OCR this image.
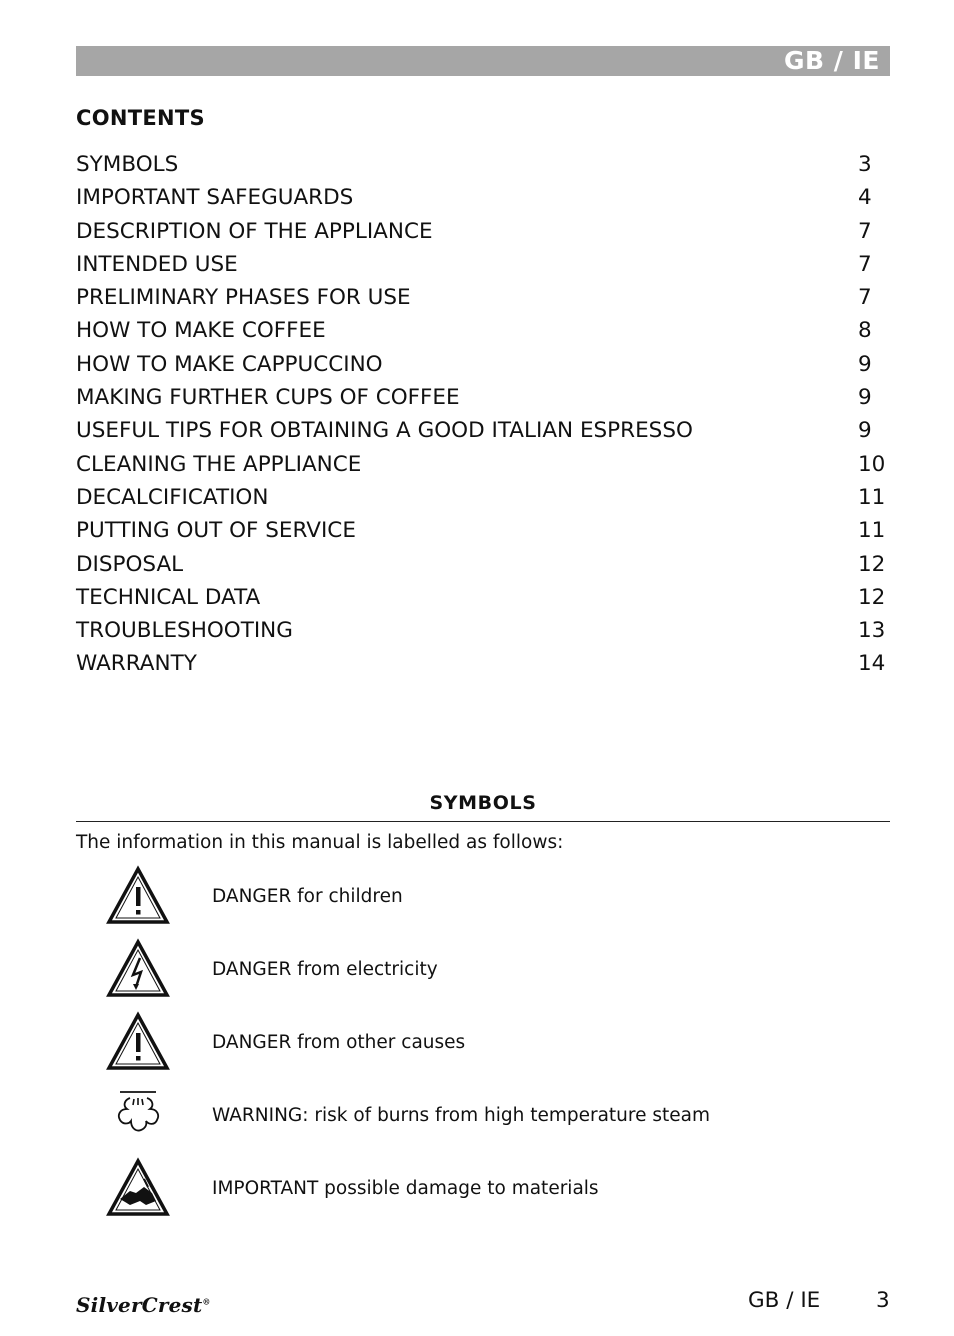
GB / IE
CONTENTS
SYMBOLS	3
IMPORTANT SAFEGUARDS	4
DESCRIPTION OF THE APPLIANCE	7
INTENDED USE	7
PRELIMINARY PHASES FOR USE	7
HOW TO MAKE COFFEE	8
HOW TO MAKE CAPPUCCINO	9
MAKING FURTHER CUPS OF COFFEE	9
USEFUL TIPS FOR OBTAINING A GOOD ITALIAN ESPRESSO	9
CLEANING THE APPLIANCE	10
DECALCIFICATION	11
PUTTING OUT OF SERVICE	11
DISPOSAL	12
TECHNICAL DATA	12
TROUBLESHOOTING	13
WARRANTY	14
SYMBOLS
The information in this manual is labelled as follows:
DANGER for children
DANGER from electricity
DANGER from other causes
WARNING: risk of burns from high temperature steam
IMPORTANT possible damage to materials
SilverCrest®	GB / IE	3
